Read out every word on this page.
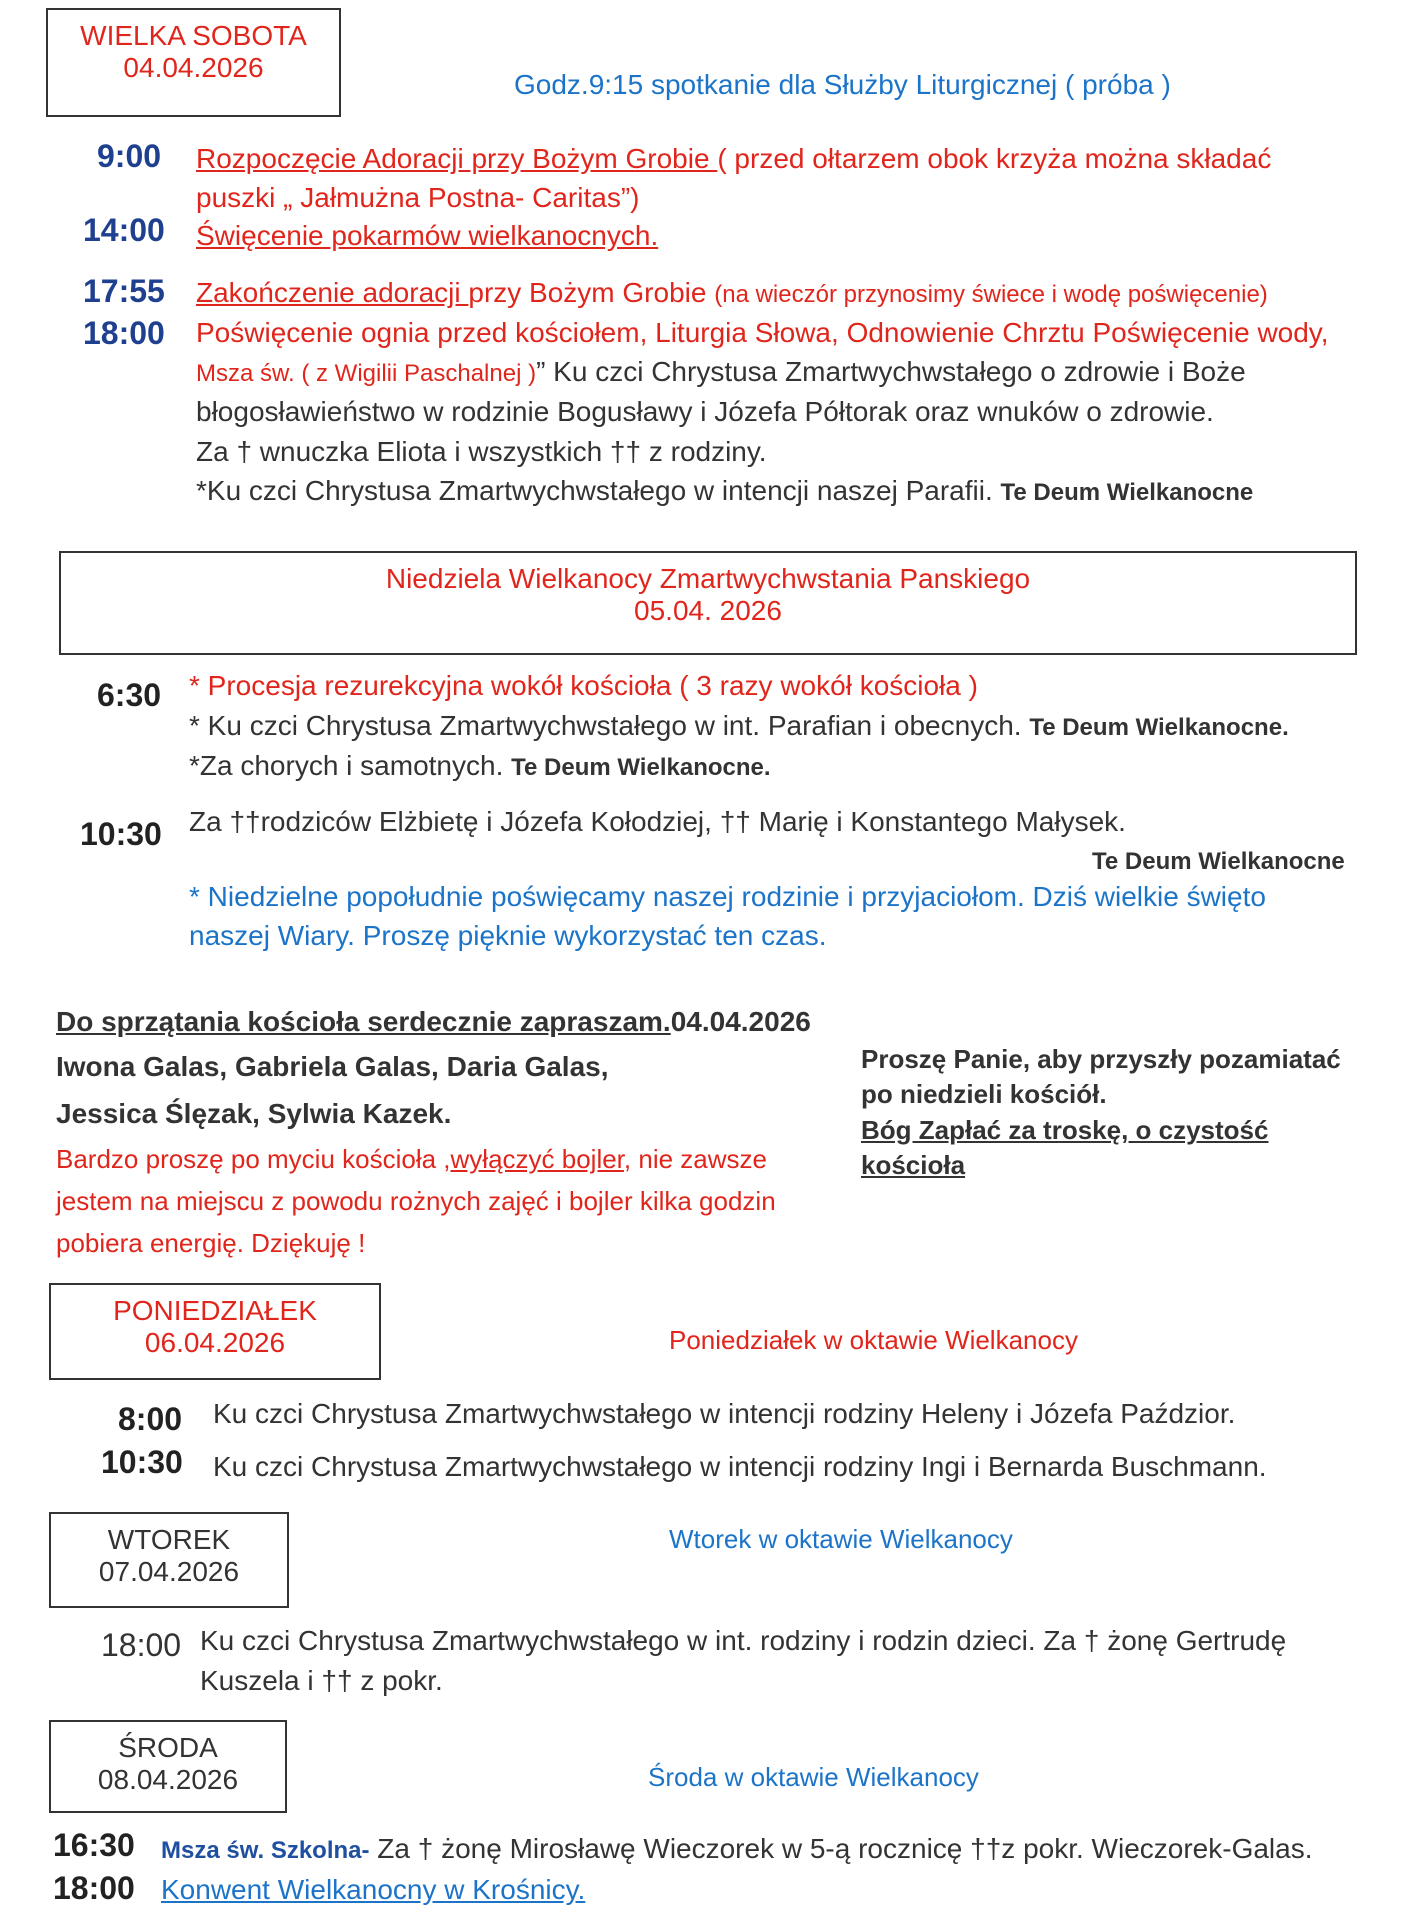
WIELKA SOBOTA
04.04.2026
Godz.9:15 spotkanie dla Służby Liturgicznej ( próba )
9:00 Rozpoczęcie Adoracji przy Bożym Grobie ( przed ołtarzem obok krzyża można składać
puszki „ Jałmużna Postna- Caritas”)
14:00 Święcenie pokarmów wielkanocnych.
17:55 Zakończenie adoracji przy Bożym Grobie (na wieczór przynosimy świece i wodę poświęcenie)
18:00 Poświęcenie ognia przed kościołem, Liturgia Słowa, Odnowienie Chrztu Poświęcenie wody,
Msza św. ( z Wigilii Paschalnej )” Ku czci Chrystusa Zmartwychwstałego o zdrowie i Boże
błogosławieństwo w rodzinie Bogusławy i Józefa Półtorak oraz wnuków o zdrowie.
Za † wnuczka Eliota i wszystkich †† z rodziny.
*Ku czci Chrystusa Zmartwychwstałego w intencji naszej Parafii. Te Deum Wielkanocne
Niedziela Wielkanocy Zmartwychwstania Panskiego
05.04. 2026
6:30 * Procesja rezurekcyjna wokół kościoła ( 3 razy wokół kościoła )
* Ku czci Chrystusa Zmartwychwstałego w int. Parafian i obecnych. Te Deum Wielkanocne.
*Za chorych i samotnych. Te Deum Wielkanocne.
10:30 Za ††rodziców Elżbietę i Józefa Kołodziej, †† Marię i Konstantego Małysek.
Te Deum Wielkanocne
* Niedzielne popołudnie poświęcamy naszej rodzinie i przyjaciołom. Dziś wielkie święto
naszej Wiary. Proszę pięknie wykorzystać ten czas.
Do sprzątania kościoła serdecznie zapraszam.04.04.2026
Iwona Galas, Gabriela Galas, Daria Galas,
Jessica Ślęzak, Sylwia Kazek.
Bardzo proszę po myciu kościoła ,wyłączyć bojler, nie zawsze
jestem na miejscu z powodu rożnych zajęć i bojler kilka godzin
pobiera energię. Dziękuję !
Proszę Panie, aby przyszły pozamiatać
po niedzieli kościół.
Bóg Zapłać za troskę, o czystość
kościoła
PONIEDZIAŁEK
06.04.2026	Poniedziałek w oktawie Wielkanocy
8:00 Ku czci Chrystusa Zmartwychwstałego w intencji rodziny Heleny i Józefa Paździor.
10:30 Ku czci Chrystusa Zmartwychwstałego w intencji rodziny Ingi i Bernarda Buschmann.
WTOREK
07.04.2026
Wtorek w oktawie Wielkanocy
18:00 Ku czci Chrystusa Zmartwychwstałego w int. rodziny i rodzin dzieci. Za † żonę Gertrudę
Kuszela i †† z pokr.
ŚRODA
08.04.2026	Środa w oktawie Wielkanocy
16:30 Msza św. Szkolna- Za † żonę Mirosławę Wieczorek w 5-ą rocznicę ††z pokr. Wieczorek-Galas.
18:00 Konwent Wielkanocny w Krośnicy.
